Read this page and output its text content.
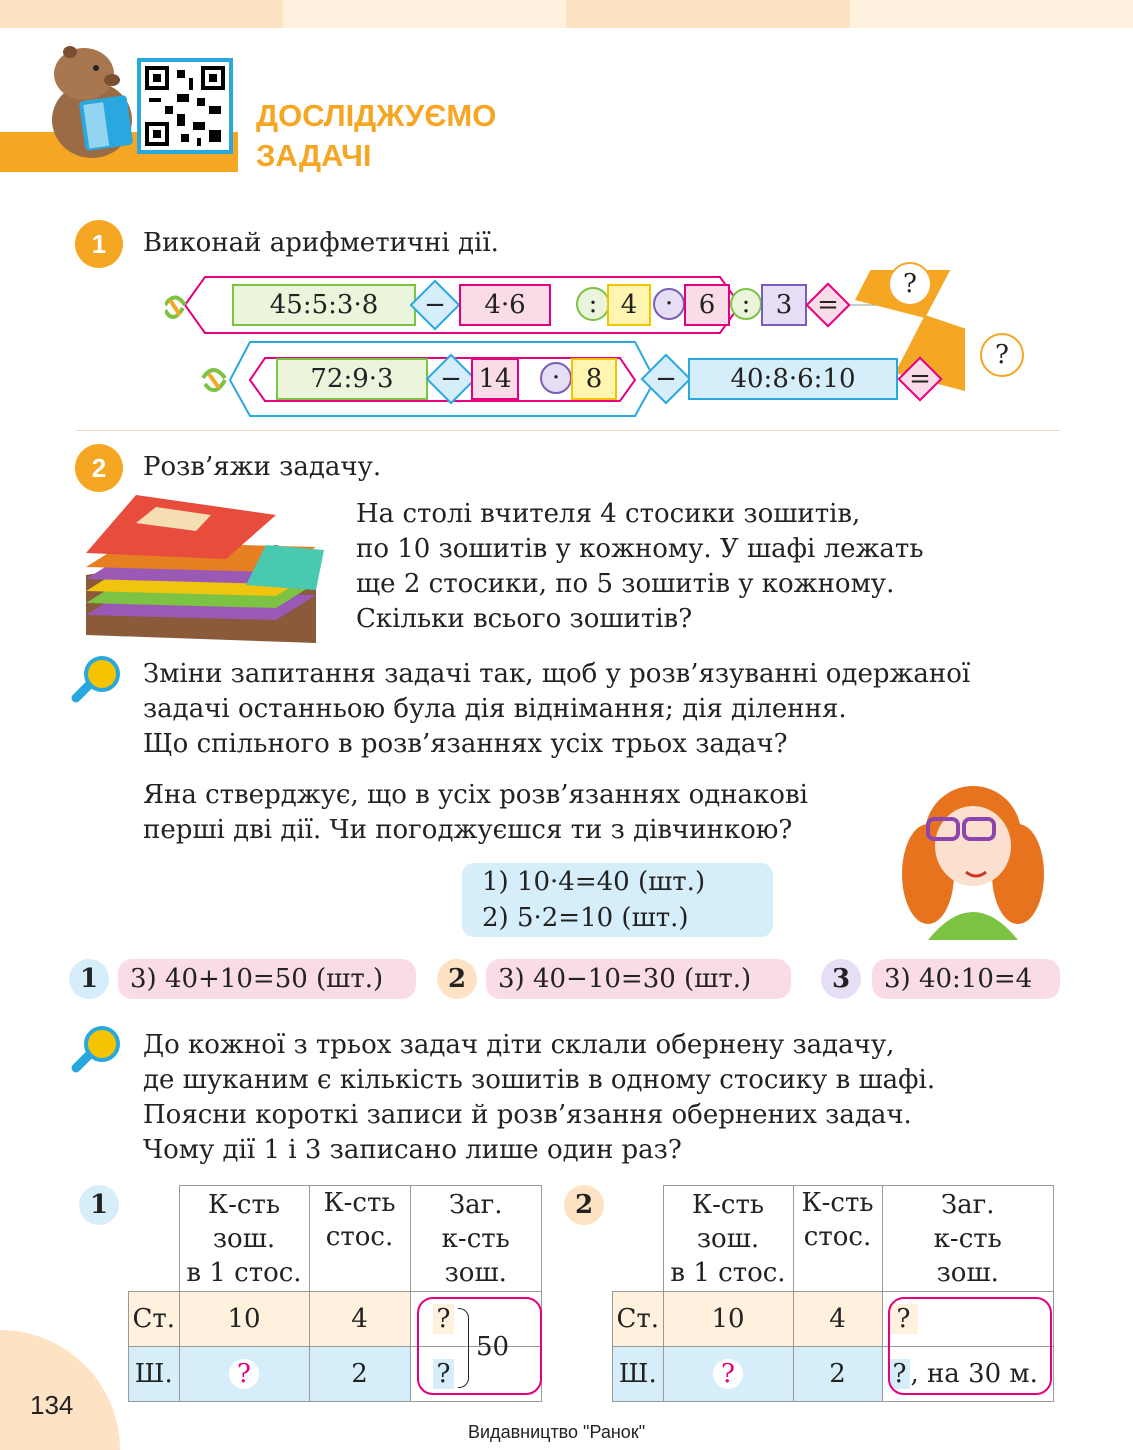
ДОСЛІДЖУЄМО
ЗАДАЧІ
1	Виконай арифметичні дії.
45:5:3·8	−	4·6	: 4	· 6	: 3 =
?
72:9·3	− 14	· 8	−	40:8·6:10	=
?
2	Розв’яжи задачу.
На столі вчителя 4 стосики зошитів,
по 10 зошитів у кожному. У шафі лежать
ще 2 стосики, по 5 зошитів у кожному.
Скільки всього зошитів?
Зміни запитання задачі так, щоб у розв’язуванні одержаної
задачі останньою була дія віднімання; дія ділення.
Що спільного в розв’язаннях усіх трьох задач?
Яна стверджує, що в усіх розв’язаннях однакові
перші дві дії. Чи погоджуєшся ти з дівчинкою?
1) 10·4=40 (шт.)
2) 5·2=10 (шт.)
1	3) 40+10=50 (шт.)	2	3) 40−10=30 (шт.)	3	3) 40:10=4
До кожної з трьох задач діти склали обернену задачу,
де шуканим є кількість зошитів в одному стосику в шафі.
Поясни короткі записи й розв’язання обернених задач.
Чому дії 1 і 3 записано лише один раз?
1
		К-сть
зош.
в 1 стос.	К-сть
стос.	Заг.
к-сть
зош.
Ст.	10	4	?
Ш.	?	2	?
50
2
		К-сть
зош.
в 1 стос.	К-сть
стос.	Заг.
к-сть
зош.
Ст.	10	4	?
Ш.	?	2	? , на 30 м.
134
Видавництво "Ранок"
